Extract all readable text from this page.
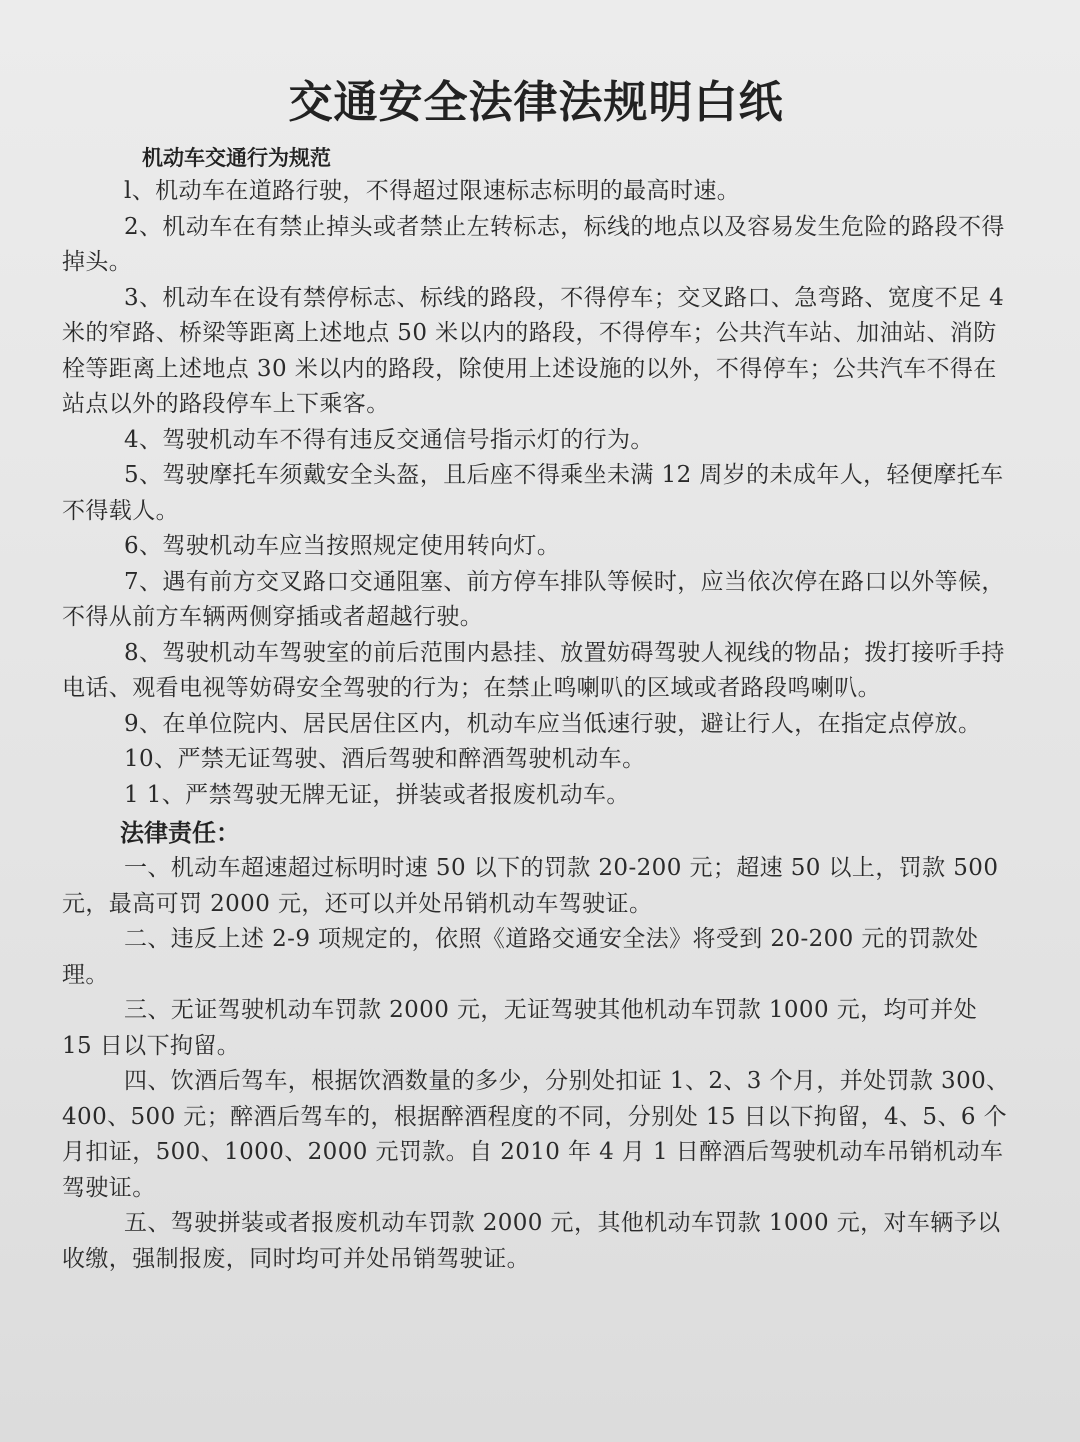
交通安全法律法规明白纸
机动车交通行为规范

l、机动车在道路行驶，不得超过限速标志标明的最高时速。

2、机动车在有禁止掉头或者禁止左转标志，标线的地点以及容易发生危险的路段不得掉头。

3、机动车在设有禁停标志、标线的路段，不得停车；交叉路口、急弯路、宽度不足 4 米的窄路、桥梁等距离上述地点 50 米以内的路段，不得停车；公共汽车站、加油站、消防栓等距离上述地点 30 米以内的路段，除使用上述设施的以外，不得停车；公共汽车不得在站点以外的路段停车上下乘客。

4、驾驶机动车不得有违反交通信号指示灯的行为。

5、驾驶摩托车须戴安全头盔，且后座不得乘坐未满 12 周岁的未成年人，轻便摩托车不得载人。

6、驾驶机动车应当按照规定使用转向灯。

7、遇有前方交叉路口交通阻塞、前方停车排队等候时，应当依次停在路口以外等候，不得从前方车辆两侧穿插或者超越行驶。

8、驾驶机动车驾驶室的前后范围内悬挂、放置妨碍驾驶人视线的物品；拨打接听手持电话、观看电视等妨碍安全驾驶的行为；在禁止鸣喇叭的区域或者路段鸣喇叭。

9、在单位院内、居民居住区内，机动车应当低速行驶，避让行人，在指定点停放。

10、严禁无证驾驶、酒后驾驶和醉酒驾驶机动车。

1 1、严禁驾驶无牌无证，拼装或者报废机动车。

法律责任：

一、机动车超速超过标明时速 50 以下的罚款 20-200 元；超速 50 以上，罚款 500 元，最高可罚 2000 元，还可以并处吊销机动车驾驶证。

二、违反上述 2-9 项规定的，依照《道路交通安全法》将受到 20-200 元的罚款处理。

三、无证驾驶机动车罚款 2000 元，无证驾驶其他机动车罚款 1000 元，均可并处 15 日以下拘留。

四、饮酒后驾车，根据饮酒数量的多少，分别处扣证 1、2、3 个月，并处罚款 300、400、500 元；醉酒后驾车的，根据醉酒程度的不同，分别处 15 日以下拘留，4、5、6 个月扣证，500、1000、2000 元罚款。自 2010 年 4 月 1 日醉酒后驾驶机动车吊销机动车驾驶证。

五、驾驶拼装或者报废机动车罚款 2000 元，其他机动车罚款 1000 元，对车辆予以收缴，强制报废，同时均可并处吊销驾驶证。
